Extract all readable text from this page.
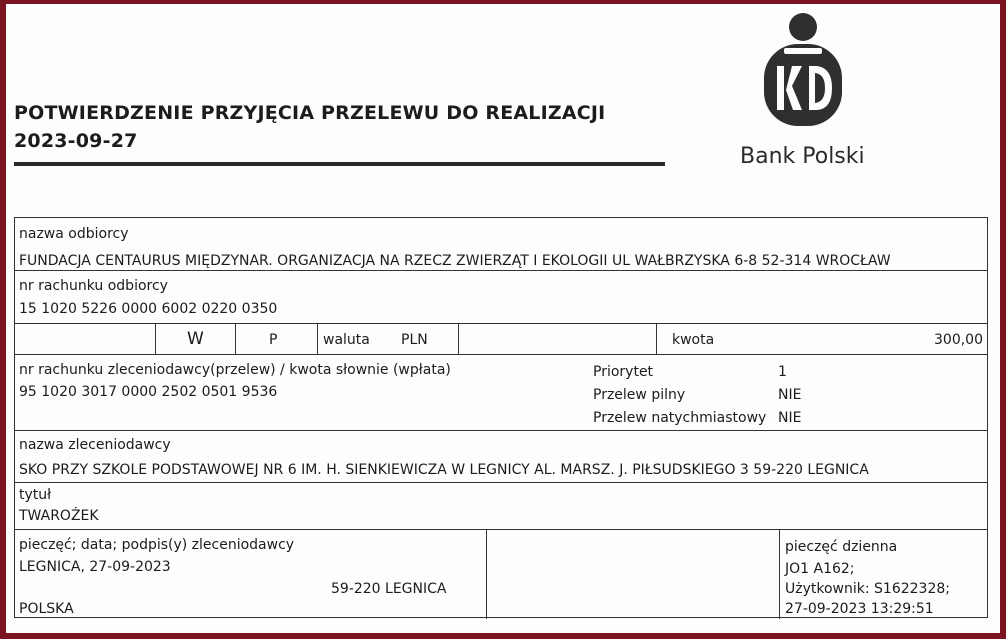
POTWIERDZENIE PRZYJĘCIA PRZELEWU DO REALIZACJI
2023-09-27
Bank Polski
nazwa odbiorcy
FUNDACJA CENTAURUS MIĘDZYNAR. ORGANIZACJA NA RZECZ ZWIERZĄT I EKOLOGII UL WAŁBRZYSKA 6-8 52-314 WROCŁAW
nr rachunku odbiorcy
15 1020 5226 0000 6002 0220 0350
W	P	waluta PLN	kwota	300,00
nr rachunku zleceniodawcy(przelew) / kwota słownie (wpłata)
95 1020 3017 0000 2502 0501 9536
Priorytet	1
Przelew pilny	NIE
Przelew natychmiastowy NIE
nazwa zleceniodawcy
SKO PRZY SZKOLE PODSTAWOWEJ NR 6 IM. H. SIENKIEWICZA W LEGNICY AL. MARSZ. J. PIŁSUDSKIEGO 3 59-220 LEGNICA
tytuł
TWAROŻEK
pieczęć; data; podpis(y) zleceniodawcy
LEGNICA, 27-09-2023
59-220 LEGNICA
POLSKA
pieczęć dzienna
JO1 A162;
Użytkownik: S1622328;
27-09-2023 13:29:51
